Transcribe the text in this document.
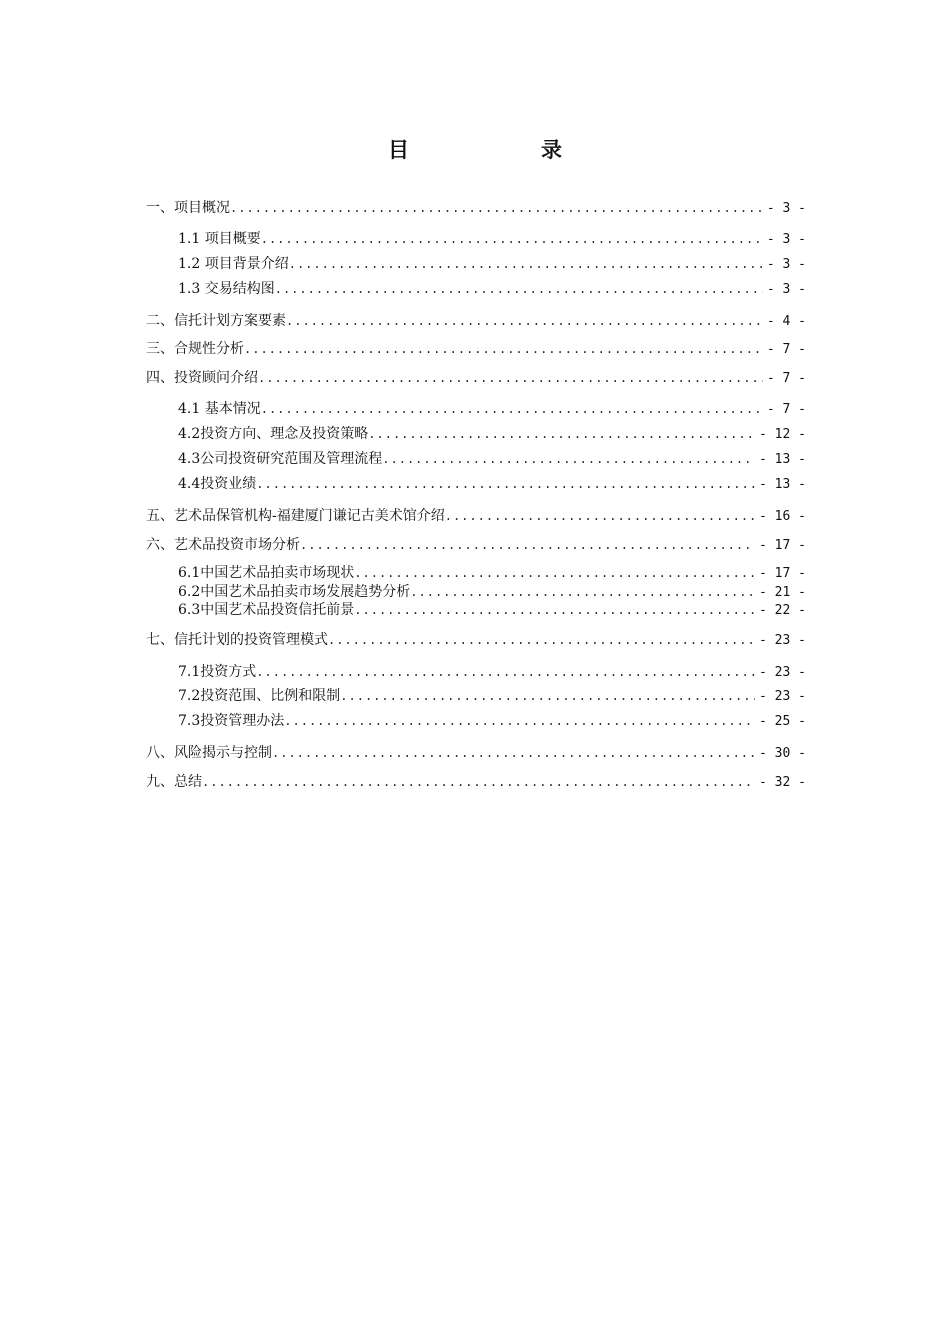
目　　录
一、项目概况 .....	- 3 -
1.1 项目概要 .....	- 3 -
1.2 项目背景介绍 .....	- 3 -
1.3 交易结构图 .....	- 3 -
二、信托计划方案要素 .....	- 4 -
三、合规性分析 .....	- 7 -
四、投资顾问介绍 .....	- 7 -
4.1 基本情况 .....	- 7 -
4.2投资方向、理念及投资策略 .....	- 12 -
4.3公司投资研究范围及管理流程 .....	- 13 -
4.4投资业绩 .....	- 13 -
五、艺术品保管机构-福建厦门谦记古美术馆介绍 .....	- 16 -
六、艺术品投资市场分析 .....	- 17 -
6.1中国艺术品拍卖市场现状 .....	- 17 -
6.2中国艺术品拍卖市场发展趋势分析 .....	- 21 -
6.3中国艺术品投资信托前景 .....	- 22 -
七、信托计划的投资管理模式 .....	- 23 -
7.1投资方式 .....	- 23 -
7.2投资范围、比例和限制 .....	- 23 -
7.3投资管理办法 .....	- 25 -
八、风险揭示与控制 .....	- 30 -
九、总结 .....	- 32 -
